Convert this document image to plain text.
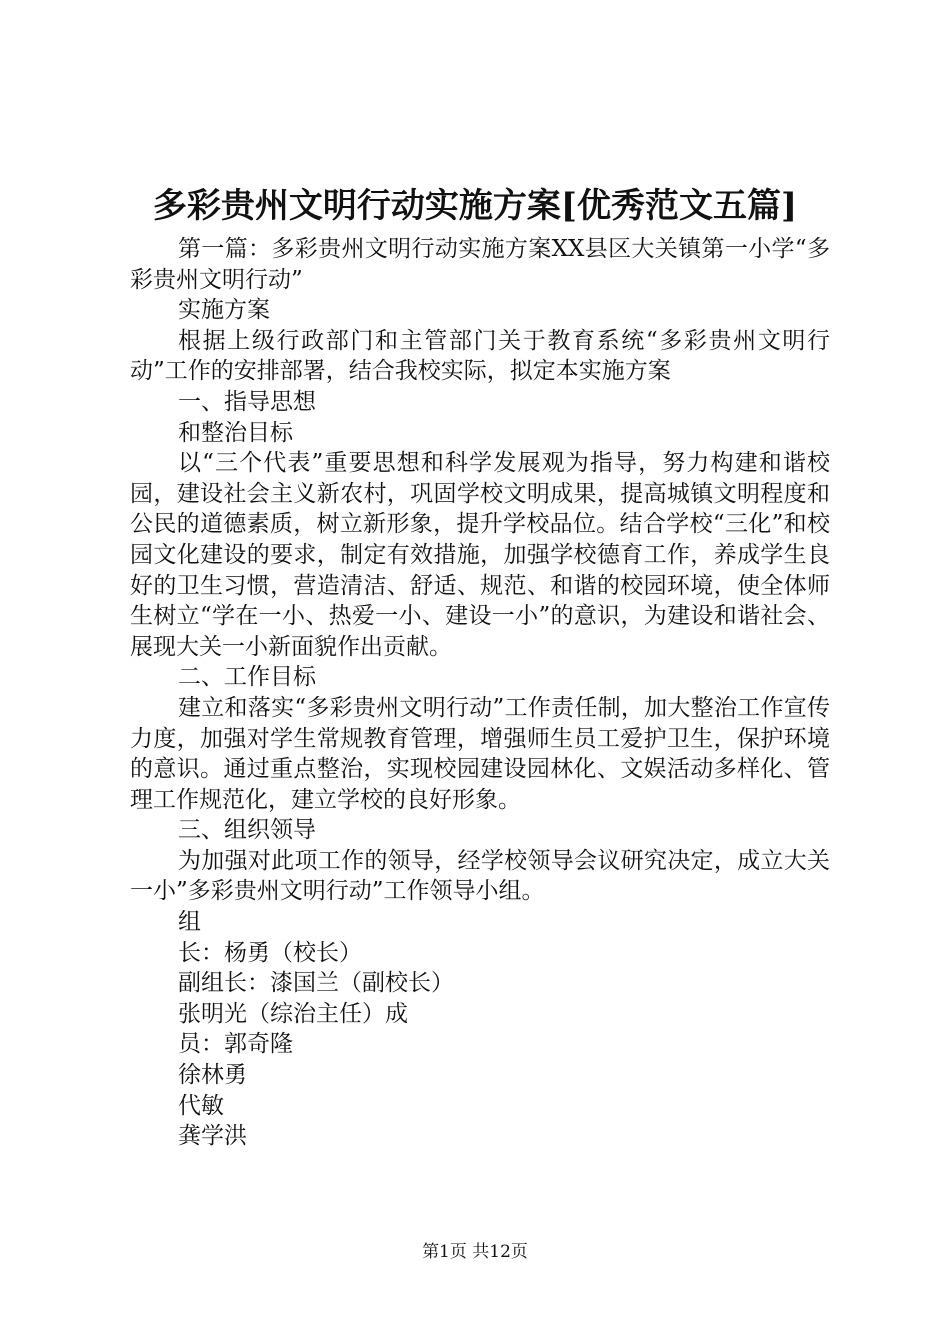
多彩贵州文明行动实施方案[优秀范文五篇]

第一篇：多彩贵州文明行动实施方案XX县区大关镇第一小学“多彩贵州文明行动”

实施方案

根据上级行政部门和主管部门关于教育系统“多彩贵州文明行动”工作的安排部署，结合我校实际，拟定本实施方案

一、指导思想

和整治目标

以“三个代表”重要思想和科学发展观为指导，努力构建和谐校园，建设社会主义新农村，巩固学校文明成果，提高城镇文明程度和公民的道德素质，树立新形象，提升学校品位。结合学校“三化”和校园文化建设的要求，制定有效措施，加强学校德育工作，养成学生良好的卫生习惯，营造清洁、舒适、规范、和谐的校园环境，使全体师生树立“学在一小、热爱一小、建设一小”的意识，为建设和谐社会、展现大关一小新面貌作出贡献。

二、工作目标

建立和落实“多彩贵州文明行动”工作责任制，加大整治工作宣传力度，加强对学生常规教育管理，增强师生员工爱护卫生，保护环境的意识。通过重点整治，实现校园建设园林化、文娱活动多样化、管理工作规范化，建立学校的良好形象。

三、组织领导

为加强对此项工作的领导，经学校领导会议研究决定，成立大关一小”多彩贵州文明行动”工作领导小组。

组

长：杨勇（校长）

副组长：漆国兰（副校长）

张明光（综治主任）成

员：郭奇隆

徐林勇

代敏

龚学洪

第1页 共12页
